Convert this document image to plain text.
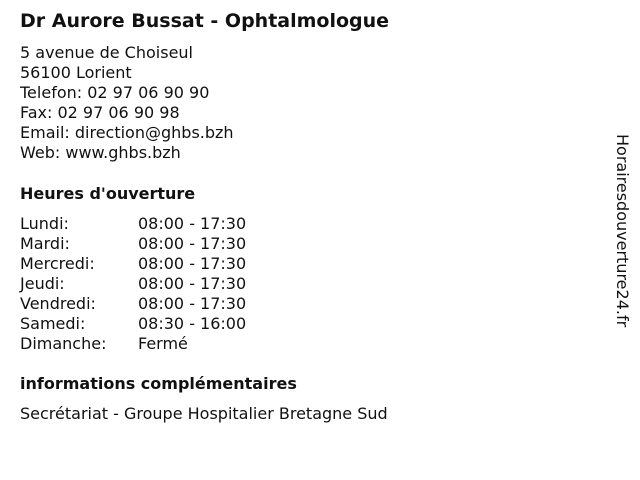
Dr Aurore Bussat - Ophtalmologue
5 avenue de Choiseul
56100 Lorient
Telefon: 02 97 06 90 90
Fax: 02 97 06 90 98
Email: direction@ghbs.bzh
Web: www.ghbs.bzh
Heures d'ouverture
Lundi:	08:00 - 17:30
Mardi:	08:00 - 17:30
Mercredi:	08:00 - 17:30
Jeudi:	08:00 - 17:30
Vendredi:	08:00 - 17:30
Samedi:	08:30 - 16:00
Dimanche: Fermé
informations complémentaires
Secrétariat - Groupe Hospitalier Bretagne Sud
Horairesdouverture24.fr
